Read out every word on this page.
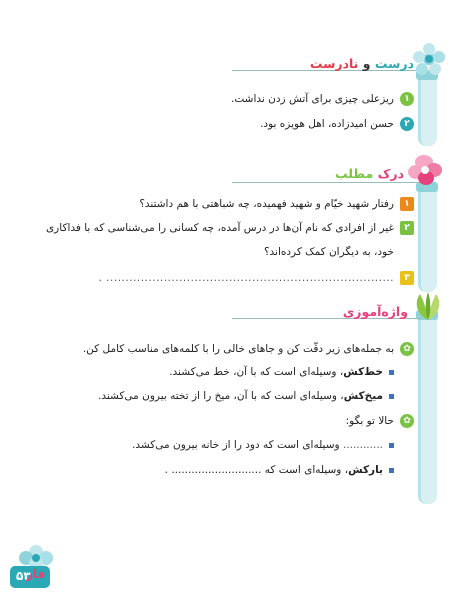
درست
و
نادرست
۱
ریزعلی چیزی برای آتش زدن نداشت.
۲
حسن امیدزاده، اهل هویزه بود.
درک
مطلب
۱
رفتار شهید خیّام و شهید فهمیده، چه شباهتی با هم داشتند؟
۲
غیر از افرادی که نام آن‌ها در درس آمده، چه کسانی را می‌شناسی که با فداکاری
خود، به دیگران کمک کرده‌اند؟
۳
........................................................................... .
واژه‌آموزی
✿
به جمله‌های زیر دقّت کن و جاهای خالی را با کلمه‌های مناسب کامل کن.
خط‌کش، وسیله‌ای است که با آن، خط می‌کشند.
میخ‌کش، وسیله‌ای است که با آن، میخ را از تخته بیرون می‌کشند.
✿
حالا تو بگو:
............ وسیله‌ای است که دود را از خانه بیرون می‌کشد.
بارکش، وسیله‌ای است که ........................... .
۵۳
فاز
